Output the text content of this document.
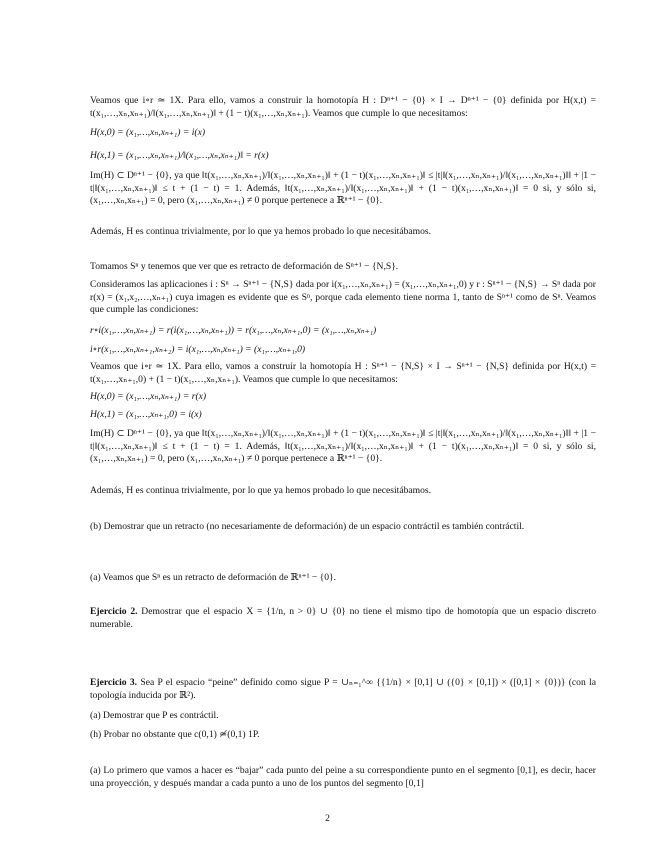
Veamos que i∘r ≃ 1X. Para ello, vamos a construir la homotopía H : Dⁿ⁺¹ − {0} × I → Dⁿ⁺¹ − {0} definida por H(x,t) = t(x₁,…,xₙ,xₙ₊₁)/‖(x₁,…,xₙ,xₙ₊₁)‖ + (1 − t)(x₁,…,xₙ,xₙ₊₁). Veamos que cumple lo que necesitamos:

H(x,0) = (x₁,…,xₙ,xₙ₊₁) = i(x)

H(x,1) = (x₁,…,xₙ,xₙ₊₁)/‖(x₁,…,xₙ,xₙ₊₁)‖ = r(x)

Im(H) ⊂ Dⁿ⁺¹ − {0}, ya que ‖t(x₁,…,xₙ,xₙ₊₁)/‖(x₁,…,xₙ,xₙ₊₁)‖ + (1 − t)(x₁,…,xₙ,xₙ₊₁)‖ ≤ |t|‖(x₁,…,xₙ,xₙ₊₁)/‖(x₁,…,xₙ,xₙ₊₁)‖‖ + |1 − t|‖(x₁,…,xₙ,xₙ₊₁)‖ ≤ t + (1 − t) = 1. Además, ‖t(x₁,…,xₙ,xₙ₊₁)/‖(x₁,…,xₙ,xₙ₊₁)‖ + (1 − t)(x₁,…,xₙ,xₙ₊₁)‖ = 0 si, y sólo si, (x₁,…,xₙ,xₙ₊₁) = 0, pero (x₁,…,xₙ,xₙ₊₁) ≠ 0 porque pertenece a ℝⁿ⁺¹ − {0}.

Además, H es continua trivialmente, por lo que ya hemos probado lo que necesitábamos.

Tomamos Sⁿ y tenemos que ver que es retracto de deformación de Sⁿ⁺¹ − {N,S}.

Consideramos las aplicaciones i : Sⁿ → Sⁿ⁺¹ − {N,S} dada por i(x₁,…,xₙ,xₙ₊₁) = (x₁,…,xₙ,xₙ₊₁,0) y r : Sⁿ⁺¹ − {N,S} → Sⁿ dada por r(x) = (x₁,x₂,…,xₙ₊₁) cuya imagen es evidente que es Sⁿ, porque cada elemento tiene norma 1, tanto de Sⁿ⁺¹ como de Sⁿ. Veamos que cumple las condiciones:

r∘i(x₁,…,xₙ,xₙ₊₁) = r(i(x₁,…,xₙ,xₙ₊₁)) = r(x₁,…,xₙ,xₙ₊₁,0) = (x₁,…,xₙ,xₙ₊₁)

i∘r(x₁,…,xₙ,xₙ₊₁,xₙ₊₂) = i(x₁,…,xₙ,xₙ₊₁) = (x₁,…,xₙ₊₁,0)

Veamos que i∘r ≃ 1X. Para ello, vamos a construir la homotopía H : Sⁿ⁺¹ − {N,S} × I → Sⁿ⁺¹ − {N,S} definida por H(x,t) = t(x₁,…,xₙ₊₁,0) + (1 − t)(x₁,…,xₙ,xₙ₊₁). Veamos que cumple lo que necesitamos:

H(x,0) = (x₁,…,xₙ,xₙ₊₁) = r(x)

H(x,1) = (x₁,…,xₙ₊₁,0) = i(x)

Im(H) ⊂ Dⁿ⁺¹ − {0}, ya que ‖t(x₁,…,xₙ,xₙ₊₁)/‖(x₁,…,xₙ,xₙ₊₁)‖ + (1 − t)(x₁,…,xₙ,xₙ₊₁)‖ ≤ |t|‖(x₁,…,xₙ,xₙ₊₁)/‖(x₁,…,xₙ,xₙ₊₁)‖‖ + |1 − t|‖(x₁,…,xₙ,xₙ₊₁)‖ ≤ t + (1 − t) = 1. Además, ‖t(x₁,…,xₙ,xₙ₊₁)/‖(x₁,…,xₙ,xₙ₊₁)‖ + (1 − t)(x₁,…,xₙ,xₙ₊₁)‖ = 0 si, y sólo si, (x₁,…,xₙ,xₙ₊₁) = 0, pero (x₁,…,xₙ,xₙ₊₁) ≠ 0 porque pertenece a ℝⁿ⁺¹ − {0}.

Además, H es continua trivialmente, por lo que ya hemos probado lo que necesitábamos.

(b) Demostrar que un retracto (no necesariamente de deformación) de un espacio contráctil es también contráctil.

(a) Veamos que Sⁿ es un retracto de deformación de ℝⁿ⁺¹ − {0}.

Ejercicio 2. Demostrar que el espacio X = {1/n, n > 0} ∪ {0} no tiene el mismo tipo de homotopía que un espacio discreto numerable.

Ejercicio 3. Sea P el espacio “peine” definido como sigue P = ∪ₙ₌₁^∞ {{1/n} × [0,1] ∪ ({0} × [0,1]) × ([0,1] × {0})} (con la topología inducida por ℝ²).

(a) Demostrar que P es contráctil.

(h) Probar no obstante que c(0,1) ≄(0,1) 1P.

(a) Lo primero que vamos a hacer es “bajar” cada punto del peine a su correspondiente punto en el segmento [0,1], es decir, hacer una proyección, y después mandar a cada punto a uno de los puntos del segmento [0,1]

2
